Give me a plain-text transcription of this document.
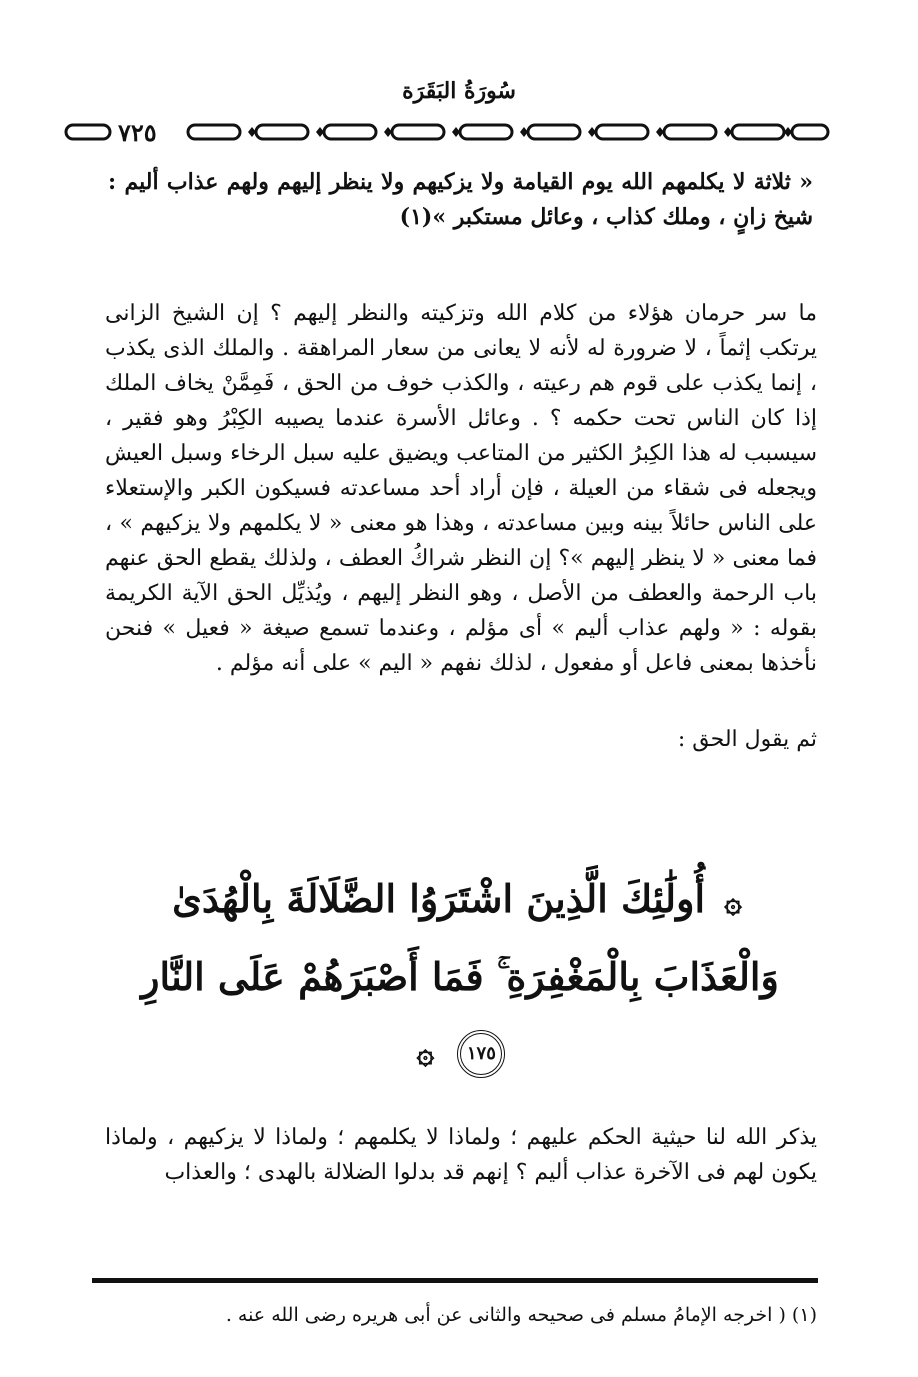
سُورَةُ البَقَرَة
٧٢٥
« ثلاثة لا يكلمهم الله يوم القيامة ولا يزكيهم ولا ينظر إليهم ولهم عذاب أليم : شيخ زانٍ ، وملك كذاب ، وعائل مستكبر »(١)
ما سر حرمان هؤلاء من كلام الله وتزكيته والنظر إليهم ؟ إن الشيخ الزانى يرتكب إثماً ، لا ضرورة له لأنه لا يعانى من سعار المراهقة . والملك الذى يكذب ، إنما يكذب على قوم هم رعيته ، والكذب خوف من الحق ، فَمِمَّنْ يخاف الملك إذا كان الناس تحت حكمه ؟ . وعائل الأسرة عندما يصيبه الكِبْرُ وهو فقير ، سيسبب له هذا الكِبرُ الكثير من المتاعب ويضيق عليه سبل الرخاء وسبل العيش ويجعله فى شقاء من العيلة ، فإن أراد أحد مساعدته فسيكون الكبر والإستعلاء على الناس حائلاً بينه وبين مساعدته ، وهذا هو معنى « لا يكلمهم ولا يزكيهم » ، فما معنى « لا ينظر إليهم »؟ إن النظر شراكُ العطف ، ولذلك يقطع الحق عنهم باب الرحمة والعطف من الأصل ، وهو النظر إليهم ، ويُذيِّل الحق الآية الكريمة بقوله : « ولهم عذاب أليم » أى مؤلم ، وعندما تسمع صيغة « فعيل » فنحن نأخذها بمعنى فاعل أو مفعول ، لذلك نفهم « اليم » على أنه مؤلم .
ثم يقول الحق :
۞ أُولَٰئِكَ الَّذِينَ اشْتَرَوُا الضَّلَالَةَ بِالْهُدَىٰ وَالْعَذَابَ بِالْمَغْفِرَةِ ۚ فَمَا أَصْبَرَهُمْ عَلَى النَّارِ ١٧٥ ۞
يذكر الله لنا حيثية الحكم عليهم ؛ ولماذا لا يكلمهم ؛ ولماذا لا يزكيهم ، ولماذا يكون لهم فى الآخرة عذاب أليم ؟ إنهم قد بدلوا الضلالة بالهدى ؛ والعذاب
(١) ( اخرجه الإمامُ مسلم فى صحيحه والثانى عن أبى هريره رضى الله عنه .
